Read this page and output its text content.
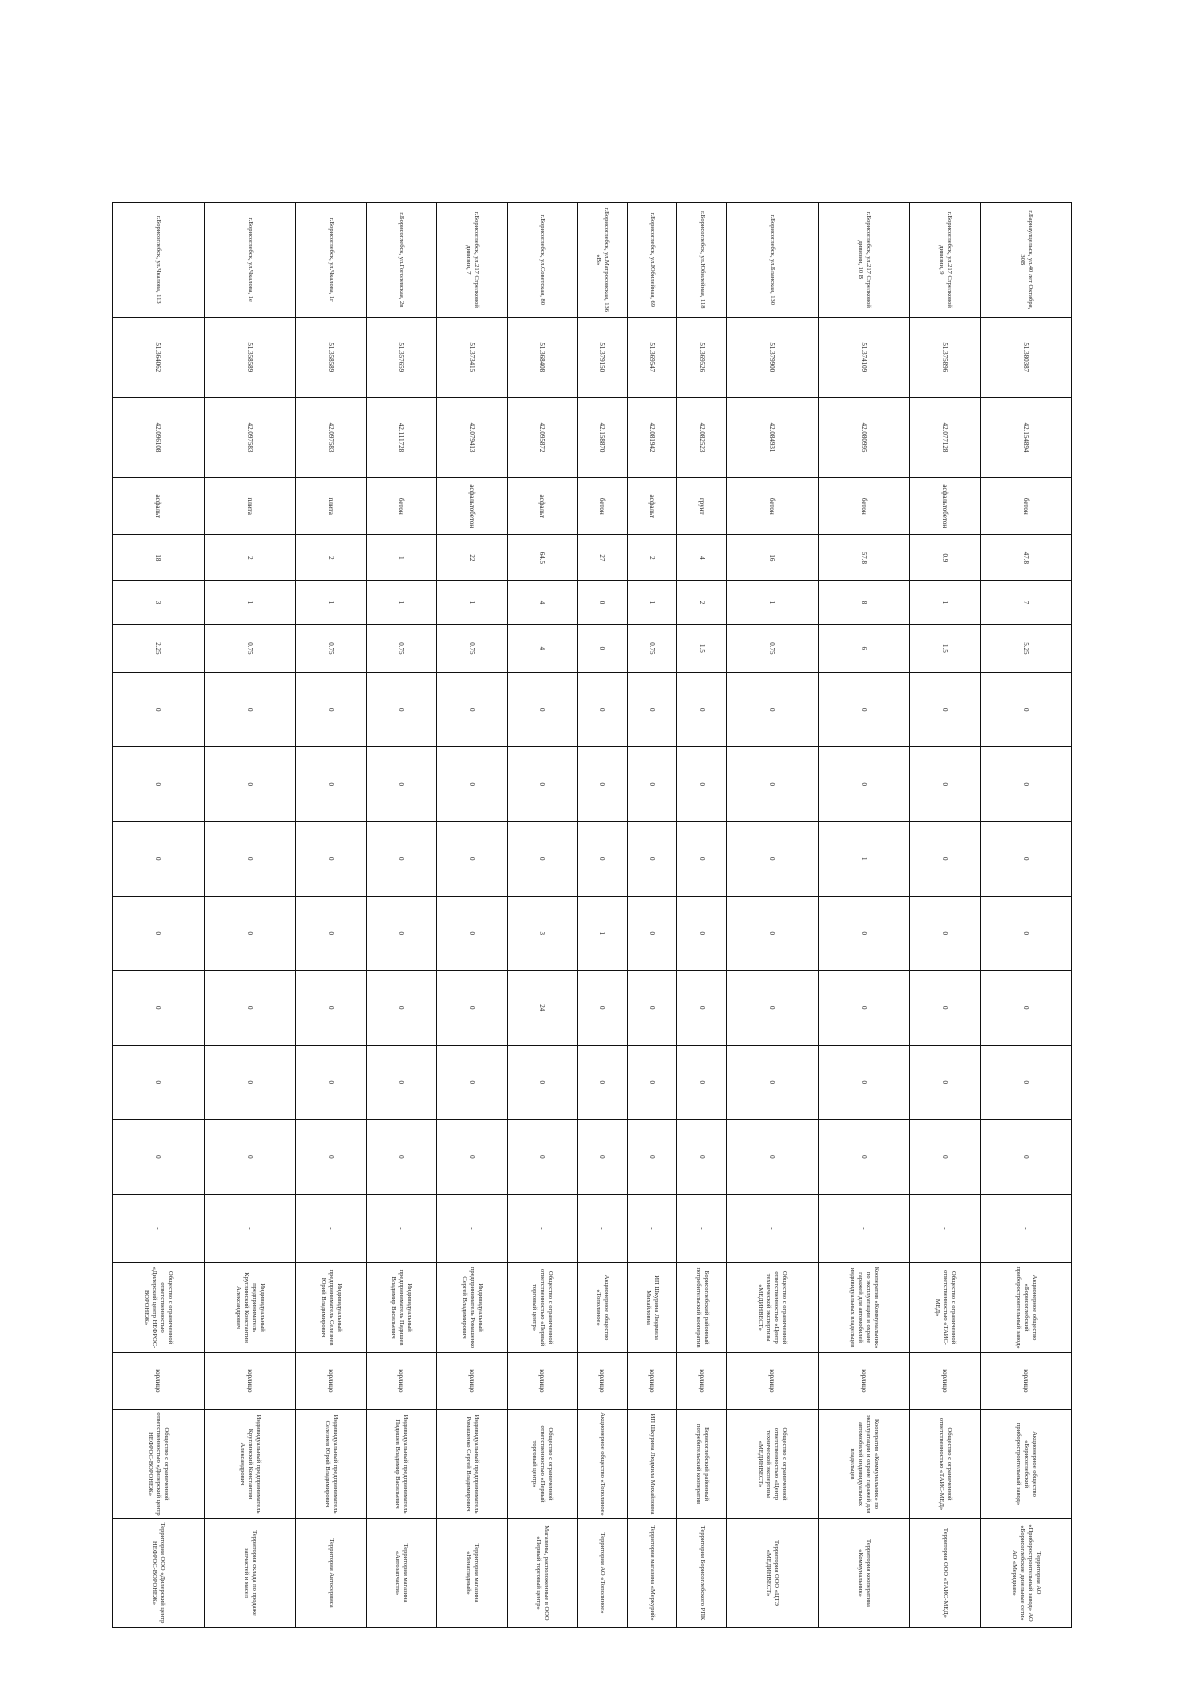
г.Барнаулцельск, ул.40 лет Октября, 30В	51.380387	42.154894	бетон	47.8	7	5.25	0	0	0	0	0	0	0	-	Акционерное общество «Борисоглебский приборостроительный завод»	юрлицо	Акционерное общество «Борисоглебский приборостроительный завод»	Территория АО «Приборостроительный завод» АО «Борисоглебские дизельные сети» АО «Меридиан»
г.Борисоглебск, ул.217 Стрелковой дивизии, 9	51.375896	42.077128	асфальтобетон	0.9	1	1.5	0	0	0	0	0	0	0	-	Общество с ограниченной ответственностью «ТАИС-МЕД»	юрлицо	Общество с ограниченной ответственностью «ТАИС-МЕД»	Территория ООО «ТАИС-МЕД»
г.Борисоглебск, ул.217 Стрелковой дивизии, 10 В	51.374109	42.080995	бетон	57.8	8	6	0	0	1	0	0	0	0	-	Кооператив «Коммунальник» по эксплуатации и охране гаражей для автомобилей индивидуальных владельцев	юрлицо	Кооператив «Коммунальник» по эксплуатации и охране гаражей для автомобилей индивидуальных владельцев	Территория кооператива «Коммунальник»
г.Борисоглебск, ул.Бланская, 130	51.379900	42.084931	бетон	16	1	0.75	0	0	0	0	0	0	0	-	Общество с ограниченной ответственностью «Центр технической экспертизы «МЕДИНВЕСТ»	юрлицо	Общество с ограниченной ответственностью «Центр технической экспертизы «МЕДИНВЕСТ»	Территория ООО «ЦТЭ «МЕДИНВЕСТ»
г.Борисоглебск, ул.Юбилейная, 118	51.369526	42.082523	грунт	4	2	1.5	0	0	0	0	0	0	0	-	Борисоглебский районный потребительский кооператив	юрлицо	Борисоглебский районный потребительский кооператив	Территория Борисоглебского РПК
г.Борисоглебск, ул.Юбилейная, 69	51.369547	42.081942	асфальт	2	1	0.75	0	0	0	0	0	0	0	-	ИП Шкурина Людмила Михайловна	юрлицо	ИП Шкурина Людмила Михайловна	Территория магазина «Меркурий»
г.Борисоглебск, ул.Матросовская, 136 «В»	51.379150	42.158870	бетон	27	0	0	0	0	0	1	0	0	0	-	Акционерное общество «Тополиное»	юрлицо	Акционерное общество «Тополиное»	Территория АО «Тополиное»
г.Борисоглебск, ул.Советская, 80	51.368408	42.095872	асфальт	64.5	4	4	0	0	0	3	24	0	0	-	Общество с ограниченной ответственностью «Первый торговый центр»	юрлицо	Общество с ограниченной ответственностью «Первый торговый центр»	Магазины, расположенные в ООО «Первый торговый центр»
г.Борисоглебск, ул.217 Стрелковой дивизии, 7	51.373415	42.079413	асфальтобетон	22	1	0.75	0	0	0	0	0	0	0	-	Индивидуальный предприниматель Ромашенко Сергей Владимирович	юрлицо	Индивидуальный предприниматель Ромашенко Сергей Владимирович	Территория магазина «Ненаглядный»
г.Борисоглебск, ул.Гоголевская, 2в	51.357659	42.111728	бетон	1	1	0.75	0	0	0	0	0	0	0	-	Индивидуальный предприниматель Пядишев Владимир Васильевич	юрлицо	Индивидуальный предприниматель Пядишев Владимир Васильевич	Территория магазина «Автозапчасти»
г.Борисоглебск, ул.Чкалова, 1г	51.358589	42.097583	плита	2	1	0.75	0	0	0	0	0	0	0	-	Индивидуальный предприниматель Селезнев Юрий Владимирович	юрлицо	Индивидуальный предприниматель Селезнев Юрий Владимирович	Территория Автосервиса
г.Борисоглебск, ул.Чкалова, 1е	51.358589	42.097583	плита	2	1	0.75	0	0	0	0	0	0	0	-	Индивидуальный предприниматель Круглинский Константин Александрович	юрлицо	Индивидуальный предприниматель Круглинский Константин Александрович	Территория склада по продаже запчастей и масел
г.Борисоглебск, ул.Чкалова, 113	51.364062	42.096108	асфальт	18	3	2.25	0	0	0	0	0	0	0	-	Общество с ограниченной ответственностью «Дилерский центр НЕФРОС-ВОРОНЕЖ»	юрлицо	Общество с ограниченной ответственностью «Дилерский центр НЕФРОС-ВОРОНЕЖ»	Территория ООО «Дилерский центр НЕФРОС-ВОРОНЕЖ»
